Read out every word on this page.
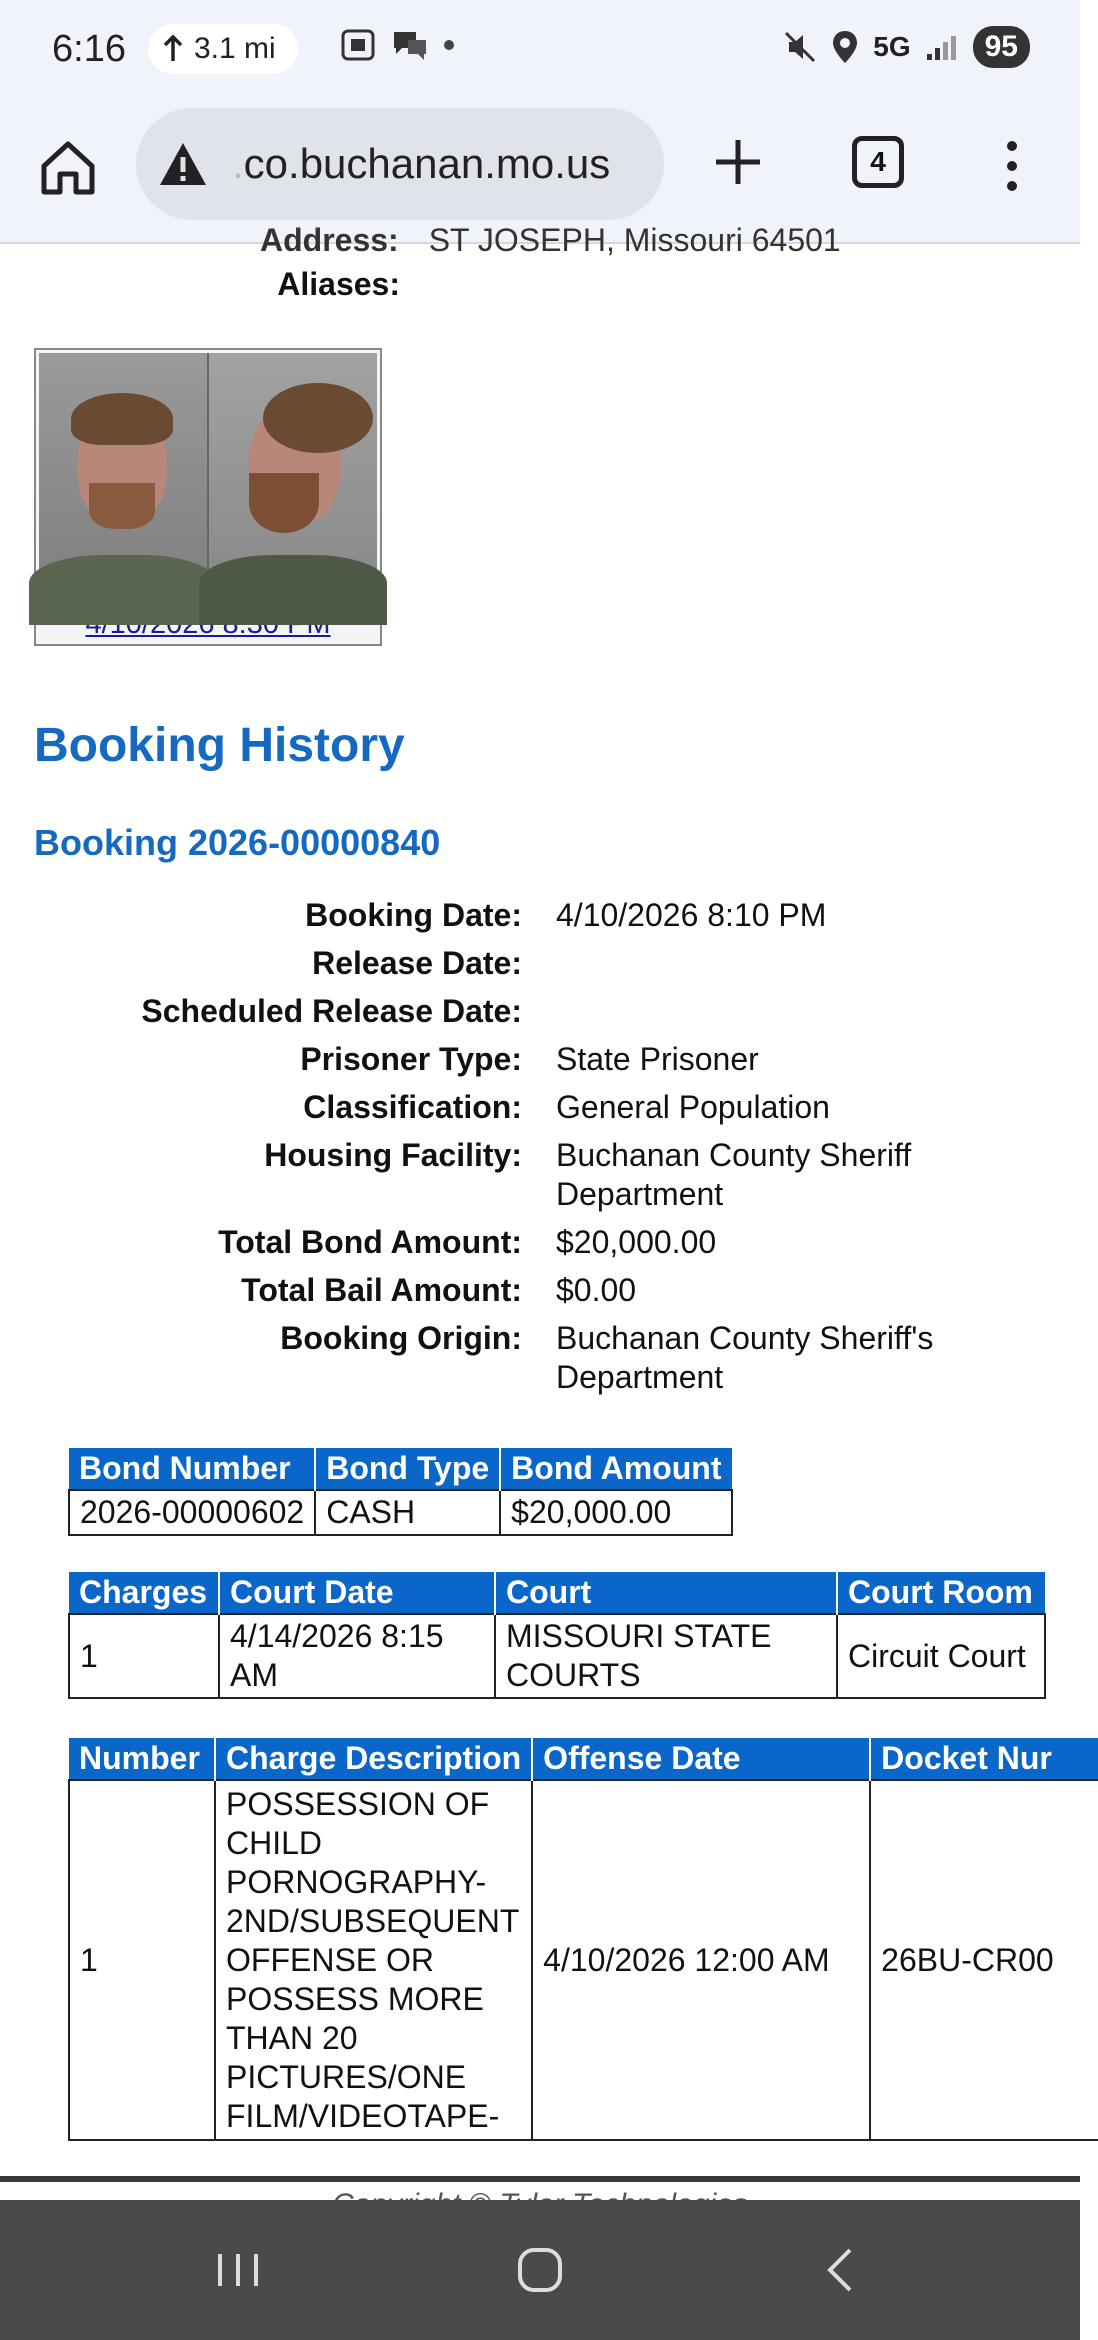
6:16 3.1 mi	5G	95
.co.buchanan.mo.us	4
Address: ST JOSEPH, Missouri 64501
Aliases:
Booking History
Booking 2026-00000840
Booking Date:	4/10/2026 8:10 PM
Release Date:
Scheduled Release Date:
Prisoner Type:	State Prisoner
Classification:	General Population
Housing Facility:	Buchanan County Sheriff Department
Total Bond Amount:	$20,000.00
Total Bail Amount:	$0.00
Booking Origin:	Buchanan County Sheriff's Department
Bond Number	Bond Type	Bond Amount
2026-00000602	CASH	$20,000.00
Charges	Court Date	Court	Court Room
1	4/14/2026 8:15 AM	MISSOURI STATE COURTS	Circuit Court
Number	Charge Description	Offense Date	Docket Nur
1	POSSESSION OF CHILD PORNOGRAPHY-2ND/SUBSEQUENT OFFENSE OR POSSESS MORE THAN 20 PICTURES/ONE FILM/VIDEOTAPE-	4/10/2026 12:00 AM	26BU-CR00
